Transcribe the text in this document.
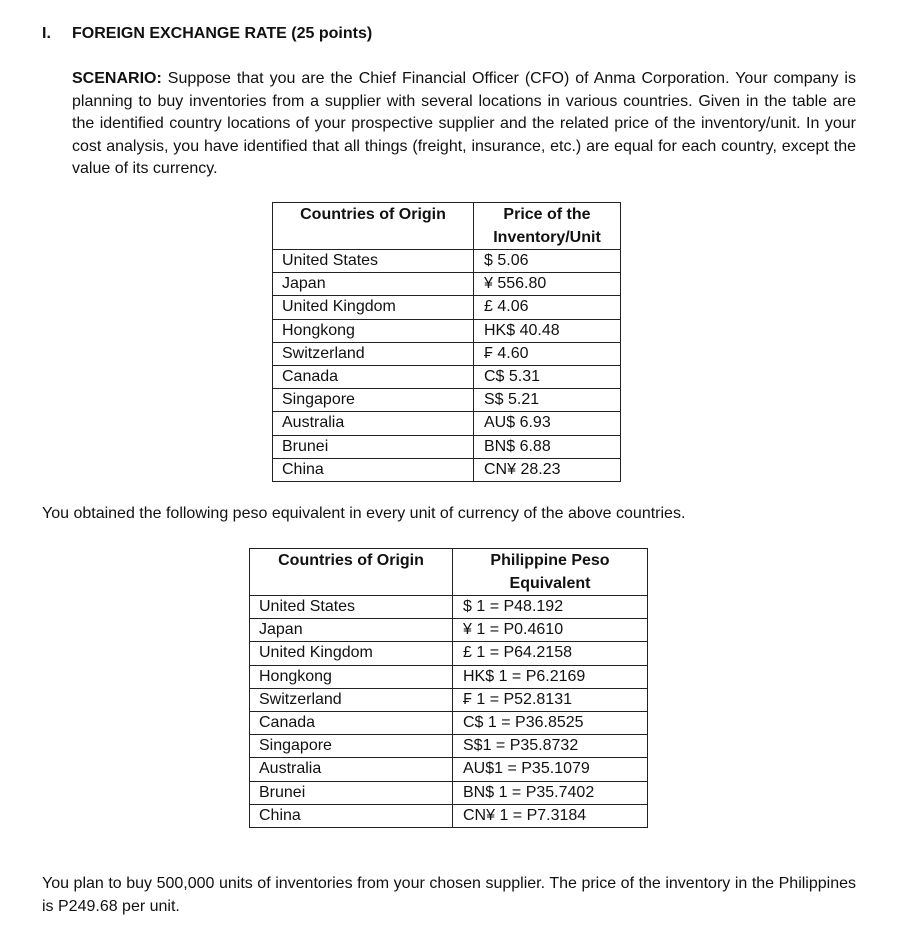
I. FOREIGN EXCHANGE RATE (25 points)
SCENARIO: Suppose that you are the Chief Financial Officer (CFO) of Anma Corporation. Your company is planning to buy inventories from a supplier with several locations in various countries. Given in the table are the identified country locations of your prospective supplier and the related price of the inventory/unit. In your cost analysis, you have identified that all things (freight, insurance, etc.) are equal for each country, except the value of its currency.
Countries of Origin	Price of the Inventory/Unit
United States	$ 5.06
Japan	¥ 556.80
United Kingdom	£ 4.06
Hongkong	HK$ 40.48
Switzerland	₣ 4.60
Canada	C$ 5.31
Singapore	S$ 5.21
Australia	AU$ 6.93
Brunei	BN$ 6.88
China	CN¥ 28.23
You obtained the following peso equivalent in every unit of currency of the above countries.
Countries of Origin	Philippine Peso Equivalent
United States	$ 1 = P48.192
Japan	¥ 1 = P0.4610
United Kingdom	£ 1 = P64.2158
Hongkong	HK$ 1 = P6.2169
Switzerland	₣ 1 = P52.8131
Canada	C$ 1 = P36.8525
Singapore	S$1 = P35.8732
Australia	AU$1 = P35.1079
Brunei	BN$ 1 = P35.7402
China	CN¥ 1 = P7.3184
You plan to buy 500,000 units of inventories from your chosen supplier. The price of the inventory in the Philippines is P249.68 per unit.
